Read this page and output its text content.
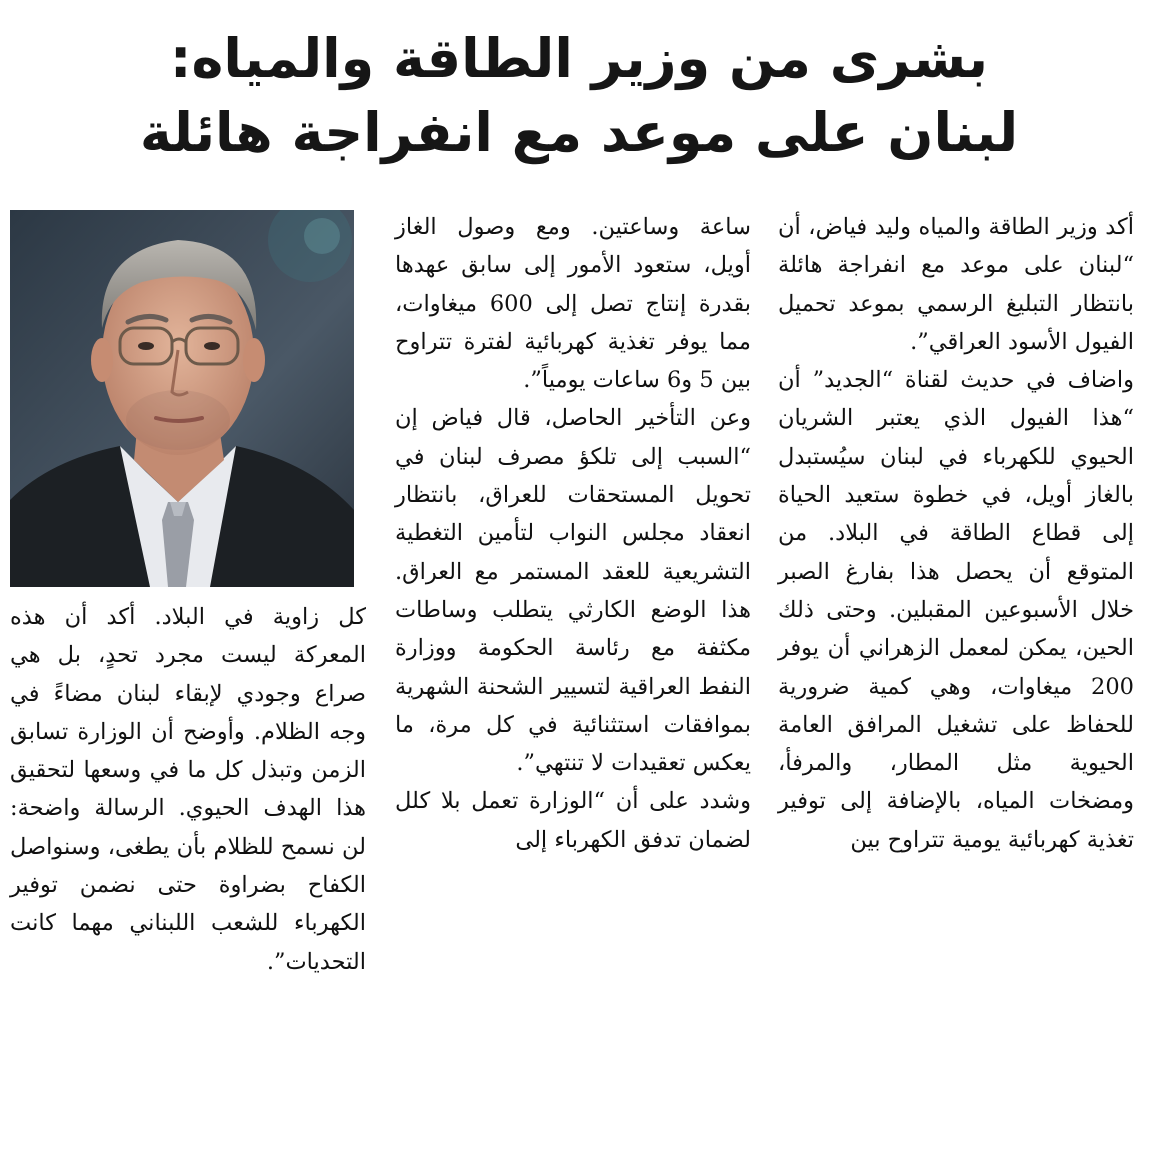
بشرى من وزير الطاقة والمياه:
لبنان على موعد مع انفراجة هائلة

أكد وزير الطاقة والمياه وليد فياض، أن “لبنان على موعد مع انفراجة هائلة بانتظار التبليغ الرسمي بموعد تحميل الفيول الأسود العراقي”.

واضاف في حديث لقناة “الجديد” أن “هذا الفيول الذي يعتبر الشريان الحيوي للكهرباء في لبنان سيُستبدل بالغاز أويل، في خطوة ستعيد الحياة إلى قطاع الطاقة في البلاد. من المتوقع أن يحصل هذا بفارغ الصبر خلال الأسبوعين المقبلين. وحتى ذلك الحين، يمكن لمعمل الزهراني أن يوفر 200 ميغاوات، وهي كمية ضرورية للحفاظ على تشغيل المرافق العامة الحيوية مثل المطار، والمرفأ، ومضخات المياه، بالإضافة إلى توفير تغذية كهربائية يومية تتراوح بين

ساعة وساعتين. ومع وصول الغاز أويل، ستعود الأمور إلى سابق عهدها بقدرة إنتاج تصل إلى 600 ميغاوات، مما يوفر تغذية كهربائية لفترة تتراوح بين 5 و6 ساعات يومياً”.

وعن التأخير الحاصل، قال فياض إن “السبب إلى تلكؤ مصرف لبنان في تحويل المستحقات للعراق، بانتظار انعقاد مجلس النواب لتأمين التغطية التشريعية للعقد المستمر مع العراق. هذا الوضع الكارثي يتطلب وساطات مكثفة مع رئاسة الحكومة ووزارة النفط العراقية لتسيير الشحنة الشهرية بموافقات استثنائية في كل مرة، ما يعكس تعقيدات لا تنتهي”.

وشدد على أن “الوزارة تعمل بلا كلل لضمان تدفق الكهرباء إلى

كل زاوية في البلاد. أكد أن هذه المعركة ليست مجرد تحدٍ، بل هي صراع وجودي لإبقاء لبنان مضاءً في وجه الظلام. وأوضح أن الوزارة تسابق الزمن وتبذل كل ما في وسعها لتحقيق هذا الهدف الحيوي. الرسالة واضحة: لن نسمح للظلام بأن يطغى، وسنواصل الكفاح بضراوة حتى نضمن توفير الكهرباء للشعب اللبناني مهما كانت التحديات”.
